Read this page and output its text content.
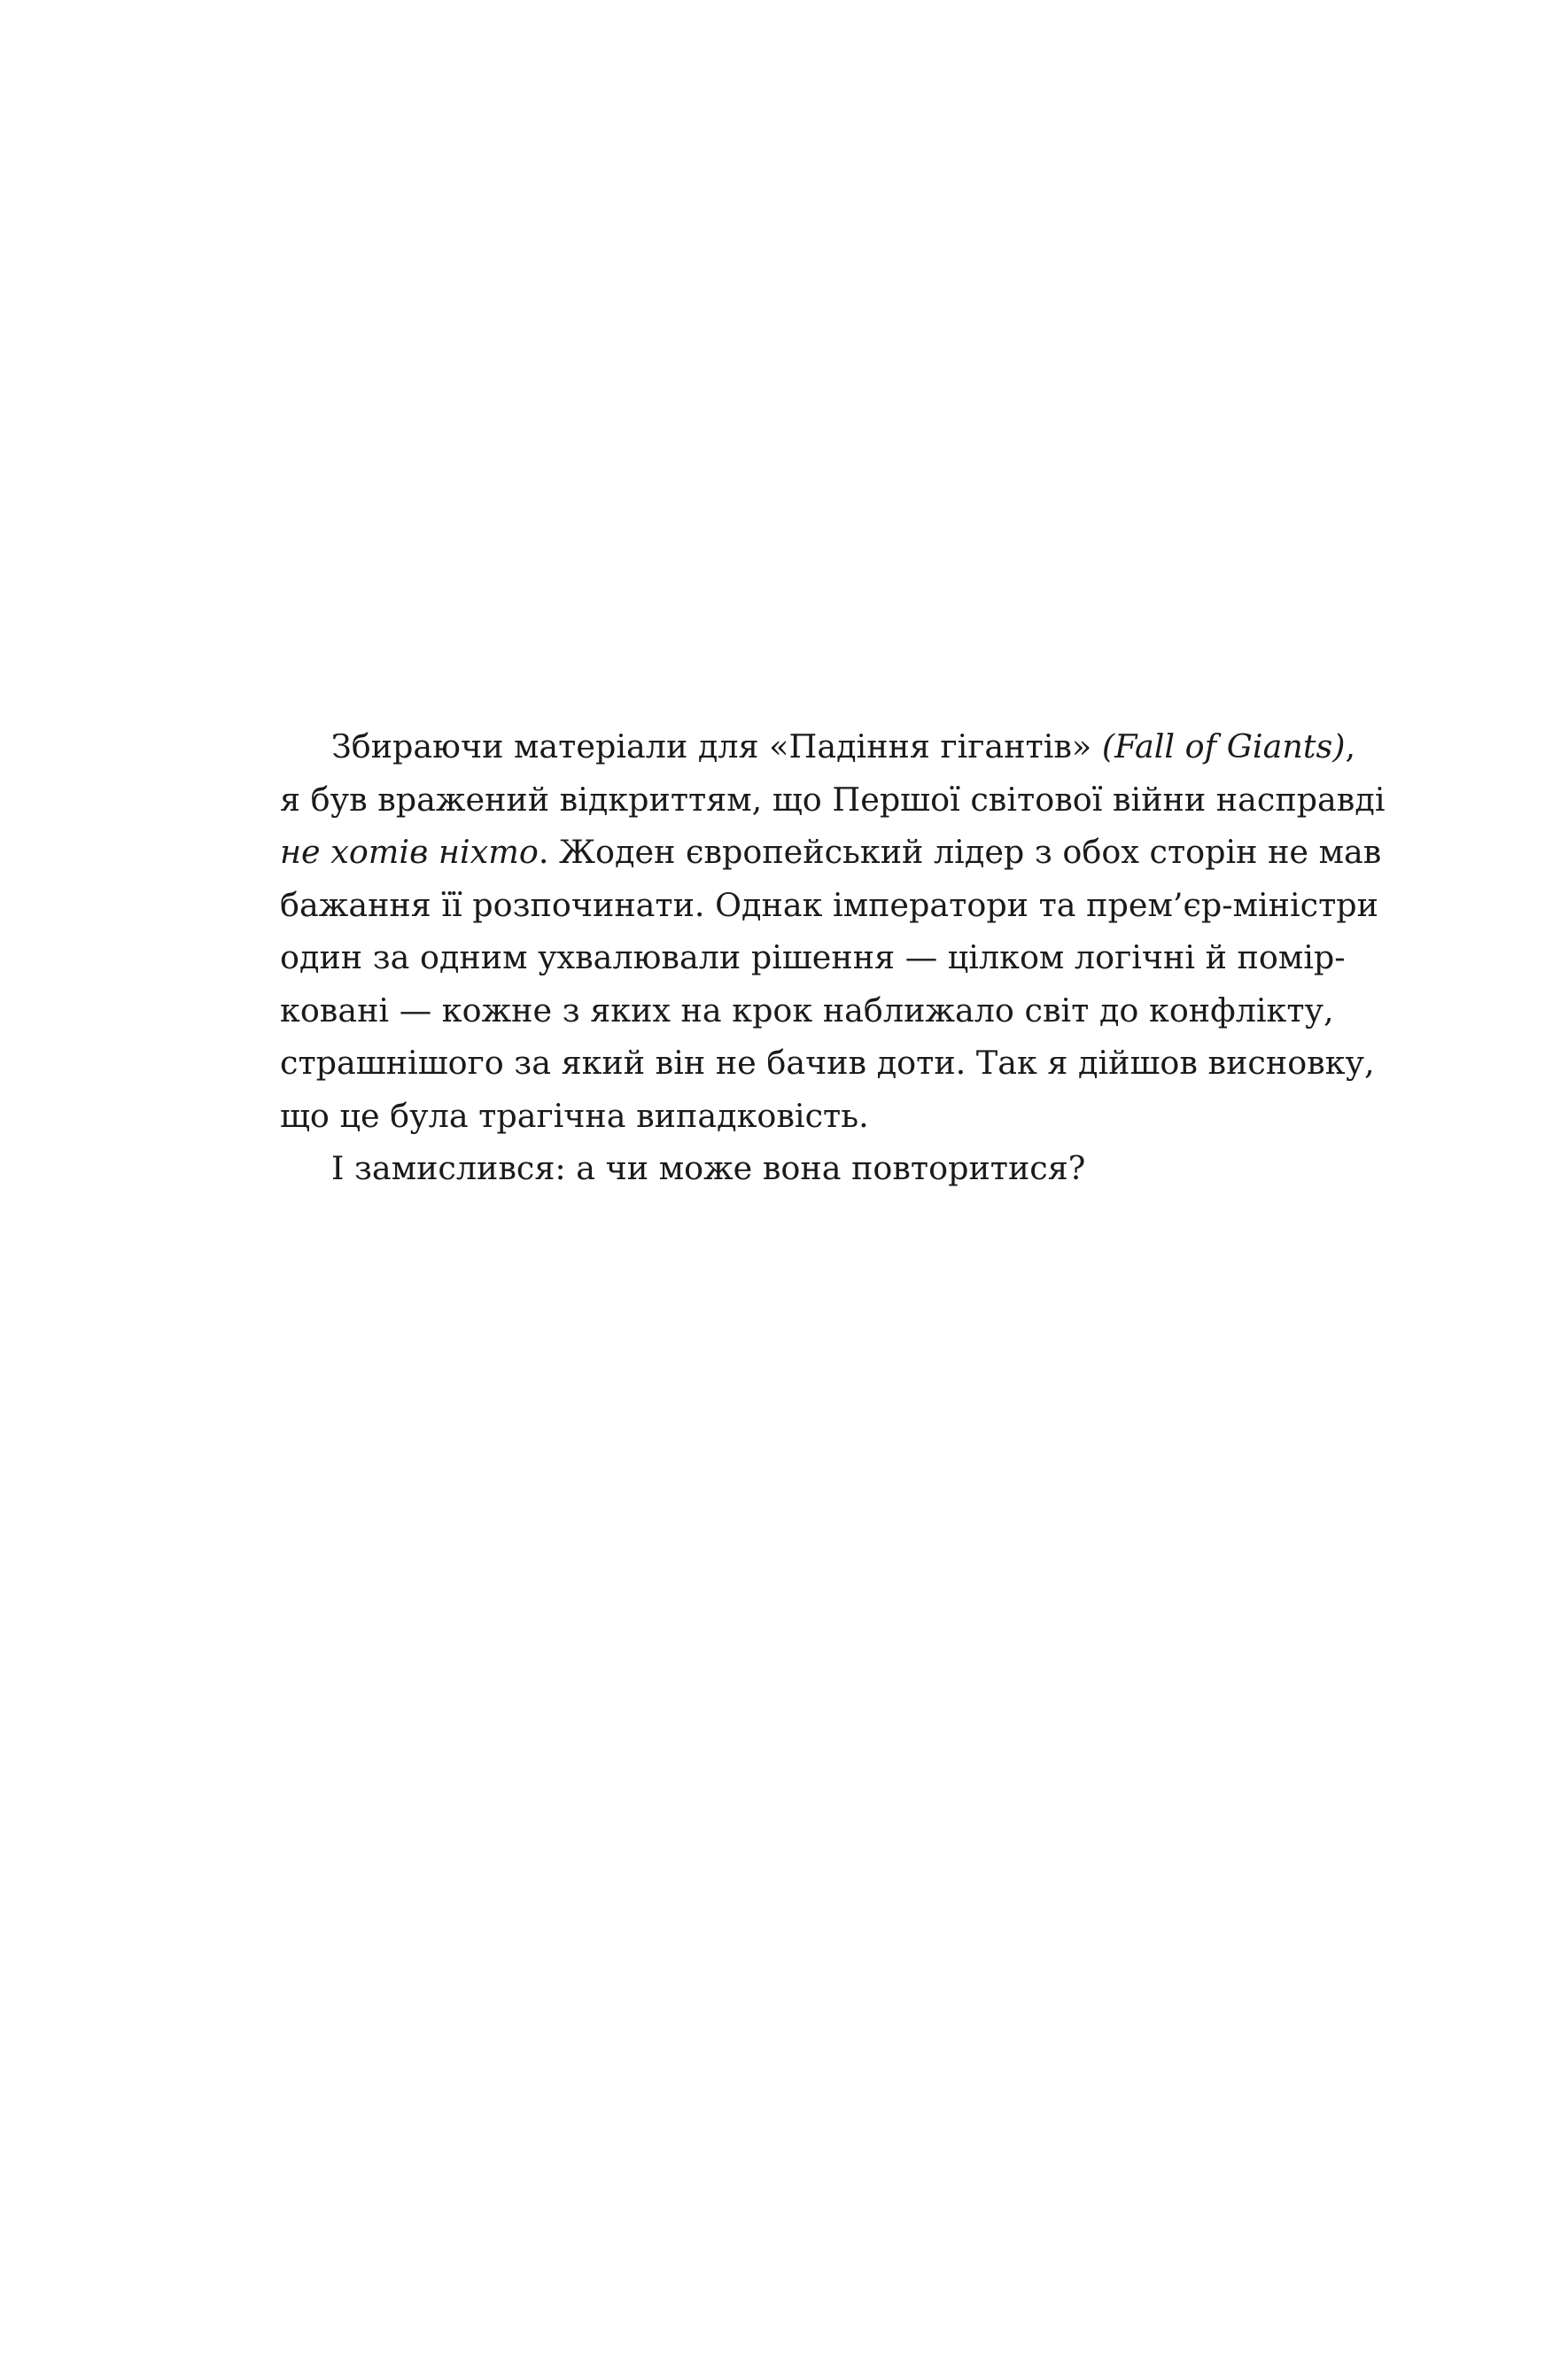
Збираючи матеріали для «Падіння гігантів» (Fall of Giants),
я був вражений відкриттям, що Першої світової війни насправді
не хотів ніхто. Жоден європейський лідер з обох сторін не мав
бажання її розпочинати. Однак імператори та прем’єр-міністри
один за одним ухвалювали рішення — цілком логічні й помір-
ковані — кожне з яких на крок наближало світ до конфлікту,
страшнішого за який він не бачив доти. Так я дійшов висновку,
що це була трагічна випадковість.
І замислився: а чи може вона повторитися?
